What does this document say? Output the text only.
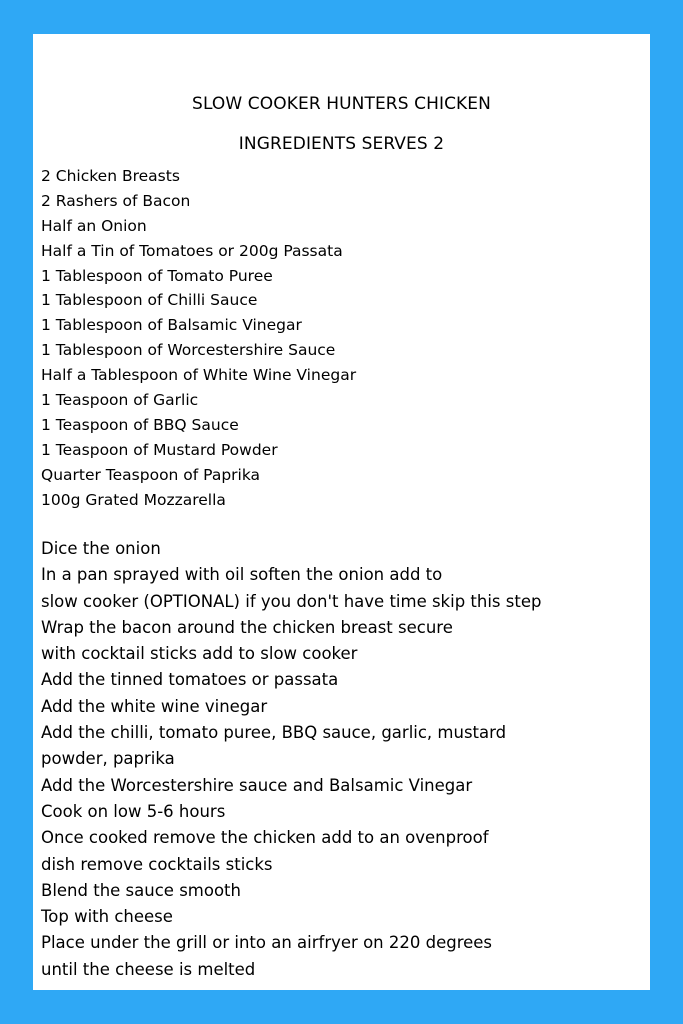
SLOW COOKER HUNTERS CHICKEN
INGREDIENTS SERVES 2
2 Chicken Breasts
2 Rashers of Bacon
Half an Onion
Half a Tin of Tomatoes or 200g Passata
1 Tablespoon of Tomato Puree
1 Tablespoon of Chilli Sauce
1 Tablespoon of Balsamic Vinegar
1 Tablespoon of Worcestershire Sauce
Half a Tablespoon of White Wine Vinegar
1 Teaspoon of Garlic
1 Teaspoon of BBQ Sauce
1 Teaspoon of Mustard Powder
Quarter Teaspoon of Paprika
100g Grated Mozzarella
Dice the onion
In a pan sprayed with oil soften the onion add to
slow cooker (OPTIONAL) if you don't have time skip this step
Wrap the bacon around the chicken breast secure
with cocktail sticks add to slow cooker
Add the tinned tomatoes or passata
Add the white wine vinegar
Add the chilli, tomato puree, BBQ sauce, garlic, mustard
powder, paprika
Add the Worcestershire sauce and Balsamic Vinegar
Cook on low 5-6 hours
Once cooked remove the chicken add to an ovenproof
dish remove cocktails sticks
Blend the sauce smooth
Top with cheese
Place under the grill or into an airfryer on 220 degrees
until the cheese is melted
